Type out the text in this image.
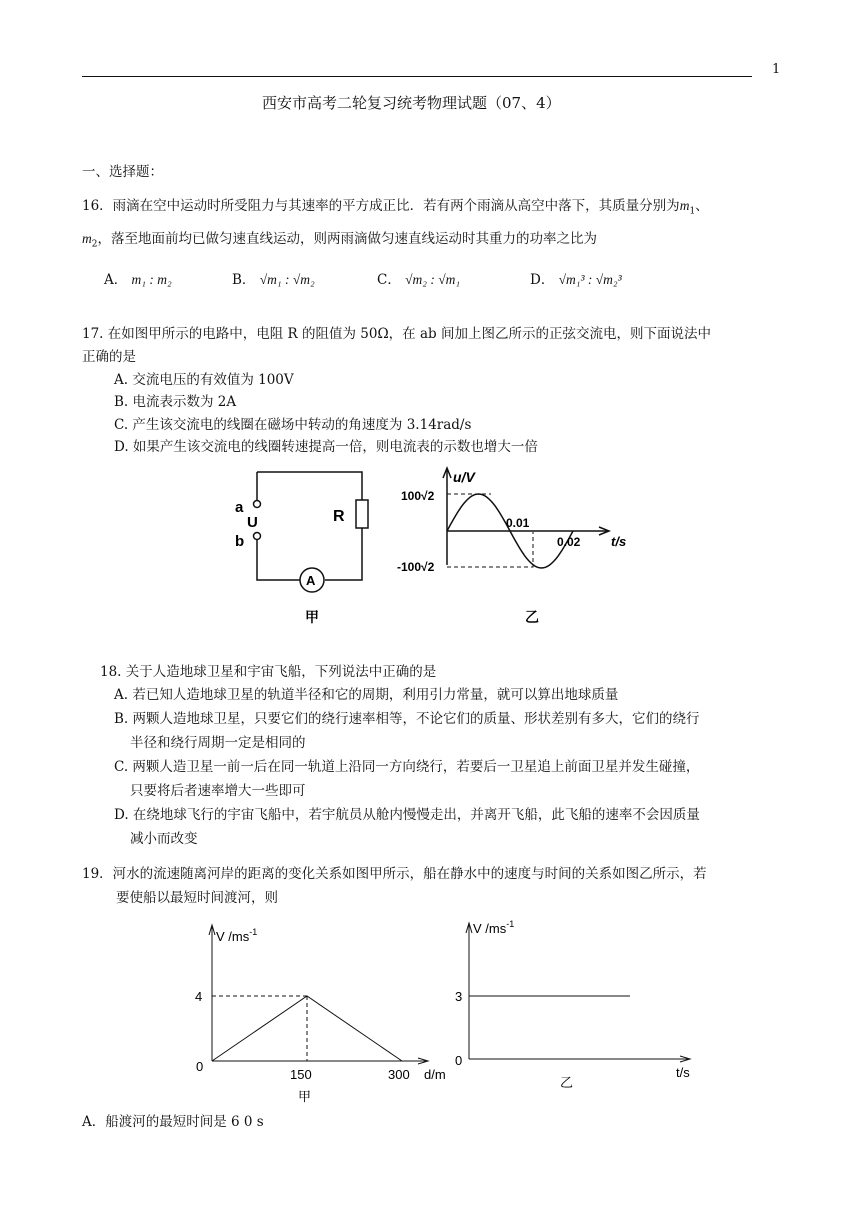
1
西安市高考二轮复习统考物理试题（07、4）
一、选择题：
16．雨滴在空中运动时所受阻力与其速率的平方成正比．若有两个雨滴从高空中落下，其质量分别为$m_1$、
$m_2$，落至地面前均已做匀速直线运动，则两雨滴做匀速直线运动时其重力的功率之比为
A． m₁ : m₂	B． √m₁ : √m₂	C． √m₂ : √m₁	D． √m₁³ : √m₂³
17. 在如图甲所示的电路中，电阻 R 的阻值为 50Ω，在 ab 间加上图乙所示的正弦交流电，则下面说法中
正确的是
A. 交流电压的有效值为 100V
B. 电流表示数为 2A
C. 产生该交流电的线圈在磁场中转动的角速度为 3.14rad/s
D. 如果产生该交流电的线圈转速提高一倍，则电流表的示数也增大一倍
a
U
b
R
A
甲
u/V
100√2
-100√2
0.01
0.02 t/s
乙
18. 关于人造地球卫星和宇宙飞船，下列说法中正确的是
A. 若已知人造地球卫星的轨道半径和它的周期，利用引力常量，就可以算出地球质量
B. 两颗人造地球卫星，只要它们的绕行速率相等，不论它们的质量、形状差别有多大，它们的绕行
半径和绕行周期一定是相同的
C. 两颗人造卫星一前一后在同一轨道上沿同一方向绕行，若要后一卫星追上前面卫星并发生碰撞，
只要将后者速率增大一些即可
D. 在绕地球飞行的宇宙飞船中，若宇航员从舱内慢慢走出，并离开飞船，此飞船的速率不会因质量
减小而改变
19．河水的流速随离河岸的距离的变化关系如图甲所示，船在静水中的速度与时间的关系如图乙所示，若
要使船以最短时间渡河，则
V $/ms^{-1}$
4
0
150	300 d/m
甲
V $/ms^{-1}$
3
0
t/s
乙
A．船渡河的最短时间是 6 0 s
